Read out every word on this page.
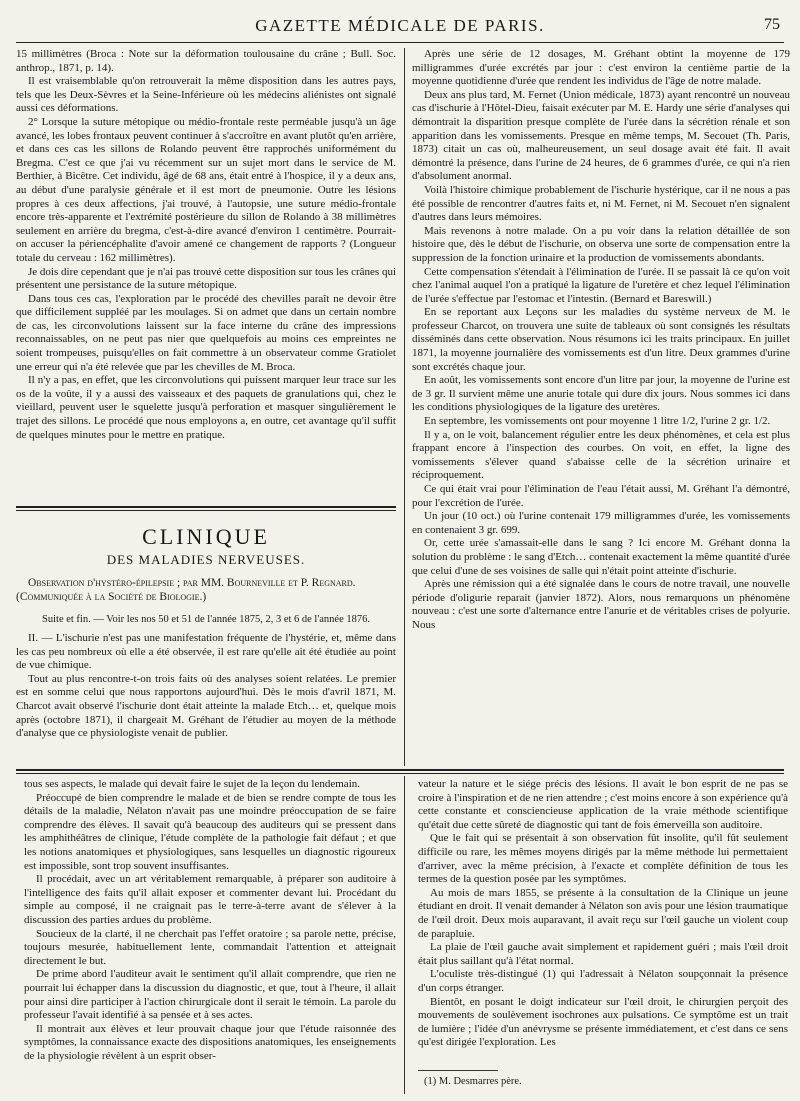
GAZETTE MÉDICALE DE PARIS.	75

15 millimètres (Broca : Note sur la déformation toulousaine du crâne ; Bull. Soc. anthrop., 1871, p. 14).

Il est vraisemblable qu'on retrouverait la même disposition dans les autres pays, tels que les Deux-Sèvres et la Seine-Inférieure où les médecins aliénistes ont signalé aussi ces déformations.

2° Lorsque la suture métopique ou médio-frontale reste perméable jusqu'à un âge avancé, les lobes frontaux peuvent continuer à s'accroître en avant plutôt qu'en arrière, et dans ces cas les sillons de Rolando peuvent être rapprochés uniformément du Bregma. C'est ce que j'ai vu récemment sur un sujet mort dans le service de M. Berthier, à Bicêtre. Cet individu, âgé de 68 ans, était entré à l'hospice, il y a deux ans, au début d'une paralysie générale et il est mort de pneumonie. Outre les lésions propres à ces deux affections, j'ai trouvé, à l'autopsie, une suture médio-frontale encore très-apparente et l'extrémité postérieure du sillon de Rolando à 38 millimètres seulement en arrière du bregma, c'est-à-dire avancé d'environ 1 centimètre. Pourrait-on accuser la périencéphalite d'avoir amené ce changement de rapports ? (Longueur totale du cerveau : 162 millimètres).

Je dois dire cependant que je n'ai pas trouvé cette disposition sur tous les crânes qui présentent une persistance de la suture métopique.

Dans tous ces cas, l'exploration par le procédé des chevilles paraît ne devoir être que difficilement suppléé par les moulages. Si on admet que dans un certain nombre de cas, les circonvolutions laissent sur la face interne du crâne des impressions reconnaissables, on ne peut pas nier que quelquefois au moins ces empreintes ne soient trompeuses, puisqu'elles on fait commettre à un observateur comme Gratiolet une erreur qui n'a été relevée que par les chevilles de M. Broca.

Il n'y a pas, en effet, que les circonvolutions qui puissent marquer leur trace sur les os de la voûte, il y a aussi des vaisseaux et des paquets de granulations qui, chez le vieillard, peuvent user le squelette jusqu'à perforation et masquer singulièrement le trajet des sillons. Le procédé que nous employons a, en outre, cet avantage qu'il suffit de quelques minutes pour le mettre en pratique.

CLINIQUE
DES MALADIES NERVEUSES.
Observation d'hystéro-épilepsie ; par MM. Bourneville et P. Regnard. (Communiquée à la Société de Biologie.)
Suite et fin. — Voir les nos 50 et 51 de l'année 1875, 2, 3 et 6 de l'année 1876.

II. — L'ischurie n'est pas une manifestation fréquente de l'hystérie, et, même dans les cas peu nombreux où elle a été observée, il est rare qu'elle ait été étudiée au point de vue chimique.

Tout au plus rencontre-t-on trois faits où des analyses soient relatées. Le premier est en somme celui que nous rapportons aujourd'hui. Dès le mois d'avril 1871, M. Charcot avait observé l'ischurie dont était atteinte la malade Etch… et, quelque mois après (octobre 1871), il chargeait M. Gréhant de l'étudier au moyen de la méthode d'analyse que ce physiologiste venait de publier.

Après une série de 12 dosages, M. Gréhant obtint la moyenne de 179 milligrammes d'urée excrétés par jour : c'est environ la centième partie de la moyenne quotidienne d'urée que rendent les individus de l'âge de notre malade.

Deux ans plus tard, M. Fernet (Union médicale, 1873) ayant rencontré un nouveau cas d'ischurie à l'Hôtel-Dieu, faisait exécuter par M. E. Hardy une série d'analyses qui démontrait la disparition presque complète de l'urée dans la sécrétion rénale et son apparition dans les vomissements. Presque en même temps, M. Secouet (Th. Paris, 1873) citait un cas où, malheureusement, un seul dosage avait été fait. Il avait démontré la présence, dans l'urine de 24 heures, de 6 grammes d'urée, ce qui n'a rien d'absolument anormal.

Voilà l'histoire chimique probablement de l'ischurie hystérique, car il ne nous a pas été possible de rencontrer d'autres faits et, ni M. Fernet, ni M. Secouet n'en signalent d'autres dans leurs mémoires.

Mais revenons à notre malade. On a pu voir dans la relation détaillée de son histoire que, dès le début de l'ischurie, on observa une sorte de compensation entre la suppression de la fonction urinaire et la production de vomissements abondants.

Cette compensation s'étendait à l'élimination de l'urée. Il se passait là ce qu'on voit chez l'animal auquel l'on a pratiqué la ligature de l'uretère et chez lequel l'élimination de l'urée s'effectue par l'estomac et l'intestin. (Bernard et Bareswill.)

En se reportant aux Leçons sur les maladies du système nerveux de M. le professeur Charcot, on trouvera une suite de tableaux où sont consignés les résultats disséminés dans cette observation. Nous résumons ici les traits principaux. En juillet 1871, la moyenne journalière des vomissements est d'un litre. Deux grammes d'urine sont excrétés chaque jour.

En août, les vomissements sont encore d'un litre par jour, la moyenne de l'urine est de 3 gr. Il survient même une anurie totale qui dure dix jours. Nous sommes ici dans les conditions physiologiques de la ligature des uretères.

En septembre, les vomissements ont pour moyenne 1 litre 1/2, l'urine 2 gr. 1/2.

Il y a, on le voit, balancement régulier entre les deux phénomènes, et cela est plus frappant encore à l'inspection des courbes. On voit, en effet, la ligne des vomissements s'élever quand s'abaisse celle de la sécrétion urinaire et réciproquement.

Ce qui était vrai pour l'élimination de l'eau l'était aussi, M. Gréhant l'a démontré, pour l'excrétion de l'urée.

Un jour (10 oct.) où l'urine contenait 179 milligrammes d'urée, les vomissements en contenaient 3 gr. 699.

Or, cette urée s'amassait-elle dans le sang ? Ici encore M. Gréhant donna la solution du problème : le sang d'Etch… contenait exactement la même quantité d'urée que celui d'une de ses voisines de salle qui n'était point atteinte d'ischurie.

Après une rémission qui a été signalée dans le cours de notre travail, une nouvelle période d'oligurie reparait (janvier 1872). Alors, nous remarquons un phénomène nouveau : c'est une sorte d'alternance entre l'anurie et de véritables crises de polyurie. Nous

tous ses aspects, le malade qui devait faire le sujet de la leçon du lendemain.

Préoccupé de bien comprendre le malade et de bien se rendre compte de tous les détails de la maladie, Nélaton n'avait pas une moindre préoccupation de se faire comprendre des élèves. Il savait qu'à beaucoup des auditeurs qui se pressent dans les amphithéâtres de clinique, l'étude complète de la pathologie fait défaut ; et que les notions anatomiques et physiologiques, sans lesquelles un diagnostic rigoureux est impossible, sont trop souvent insuffisantes.

Il procédait, avec un art véritablement remarquable, à préparer son auditoire à l'intelligence des faits qu'il allait exposer et commenter devant lui. Procédant du simple au composé, il ne craignait pas le terre-à-terre avant de s'élever à la discussion des parties ardues du problème.

Soucieux de la clarté, il ne cherchait pas l'effet oratoire ; sa parole nette, précise, toujours mesurée, habituellement lente, commandait l'attention et atteignait directement le but.

De prime abord l'auditeur avait le sentiment qu'il allait comprendre, que rien ne pourrait lui échapper dans la discussion du diagnostic, et que, tout à l'heure, il allait pour ainsi dire participer à l'action chirurgicale dont il serait le témoin. La parole du professeur l'avait identifié à sa pensée et à ses actes.

Il montrait aux élèves et leur prouvait chaque jour que l'étude raisonnée des symptômes, la connaissance exacte des dispositions anatomiques, les enseignements de la physiologie révèlent à un esprit obser-

vateur la nature et le siége précis des lésions. Il avait le bon esprit de ne pas se croire à l'inspiration et de ne rien attendre ; c'est moins encore à son expérience qu'à cette constante et consciencieuse application de la vraie méthode scientifique qu'était due cette sûreté de diagnostic qui tant de fois émerveilla son auditoire.

Que le fait qui se présentait à son observation fût insolite, qu'il fût seulement difficile ou rare, les mêmes moyens dirigés par la même méthode lui permettaient d'arriver, avec la même précision, à l'exacte et complète définition de tous les termes de la question posée par les symptômes.

Au mois de mars 1855, se présente à la consultation de la Clinique un jeune étudiant en droit. Il venait demander à Nélaton son avis pour une lésion traumatique de l'œil droit. Deux mois auparavant, il avait reçu sur l'œil gauche un violent coup de parapluie.

La plaie de l'œil gauche avait simplement et rapidement guéri ; mais l'œil droit était plus saillant qu'à l'état normal.

L'oculiste très-distingué (1) qui l'adressait à Nélaton soupçonnait la présence d'un corps étranger.

Bientôt, en posant le doigt indicateur sur l'œil droit, le chirurgien perçoit des mouvements de soulèvement isochrones aux pulsations. Ce symptôme est un trait de lumière ; l'idée d'un anévrysme se présente immédiatement, et c'est dans ce sens qu'est dirigée l'exploration. Les

(1) M. Desmarres père.
